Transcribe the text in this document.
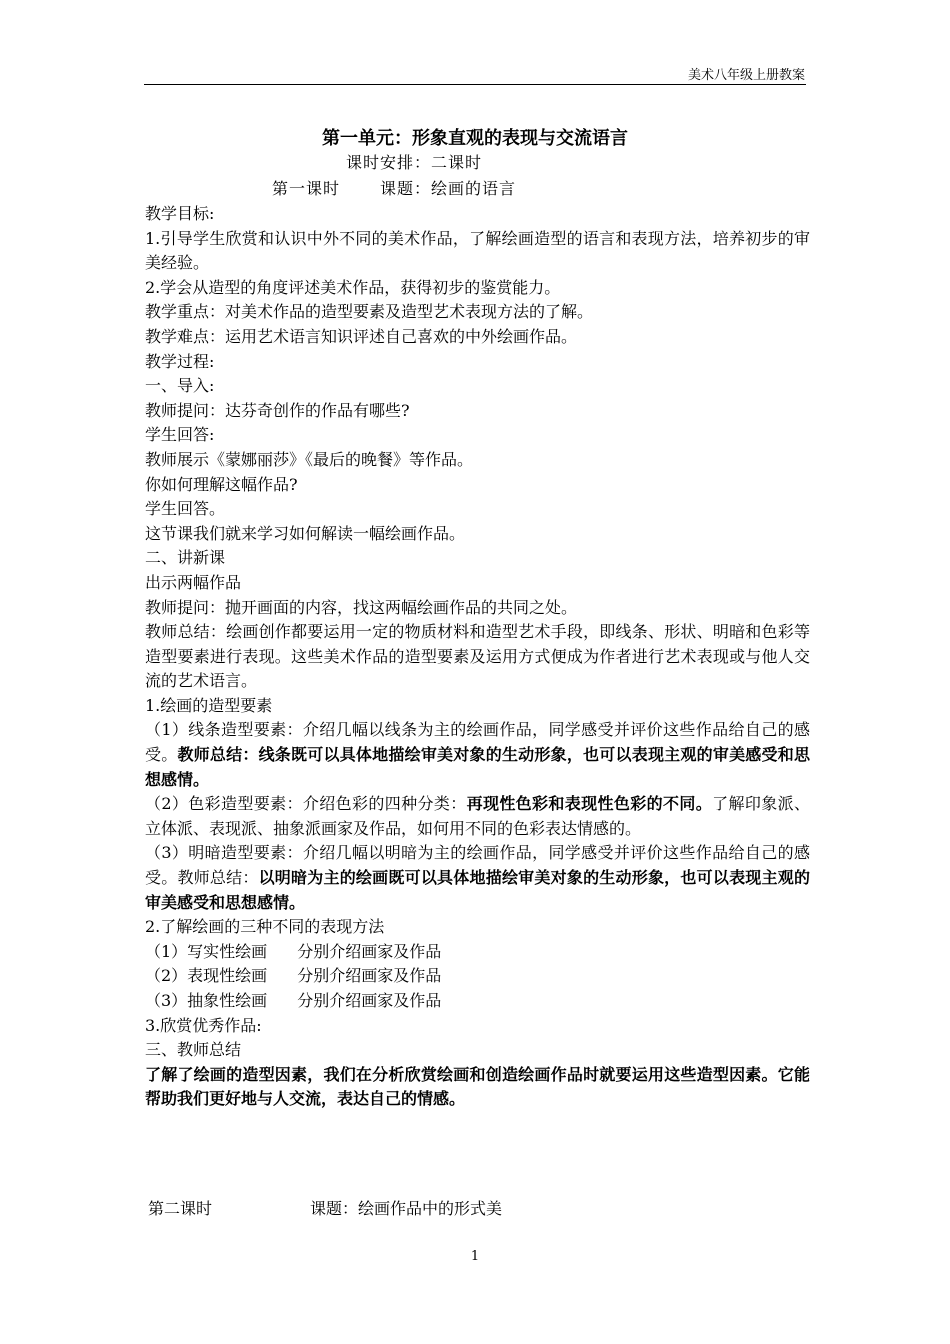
美术八年级上册教案
第一单元：形象直观的表现与交流语言
课时安排：二课时
第一课时	课题：绘画的语言

教学目标:

1.引导学生欣赏和认识中外不同的美术作品，了解绘画造型的语言和表现方法，培养初步的审美经验。

2.学会从造型的角度评述美术作品，获得初步的鉴赏能力。

教学重点：对美术作品的造型要素及造型艺术表现方法的了解。

教学难点：运用艺术语言知识评述自己喜欢的中外绘画作品。

教学过程:

一、导入:

教师提问：达芬奇创作的作品有哪些?

学生回答:

教师展示《蒙娜丽莎》《最后的晚餐》等作品。

你如何理解这幅作品?

学生回答。

这节课我们就来学习如何解读一幅绘画作品。

二、讲新课

出示两幅作品

教师提问：抛开画面的内容，找这两幅绘画作品的共同之处。

教师总结：绘画创作都要运用一定的物质材料和造型艺术手段，即线条、形状、明暗和色彩等造型要素进行表现。这些美术作品的造型要素及运用方式便成为作者进行艺术表现或与他人交流的艺术语言。

1.绘画的造型要素

（1）线条造型要素：介绍几幅以线条为主的绘画作品，同学感受并评价这些作品给自己的感受。教师总结：线条既可以具体地描绘审美对象的生动形象，也可以表现主观的审美感受和思想感情。

（2）色彩造型要素：介绍色彩的四种分类：再现性色彩和表现性色彩的不同。了解印象派、立体派、表现派、抽象派画家及作品，如何用不同的色彩表达情感的。

（3）明暗造型要素：介绍几幅以明暗为主的绘画作品，同学感受并评价这些作品给自己的感受。教师总结：以明暗为主的绘画既可以具体地描绘审美对象的生动形象，也可以表现主观的审美感受和思想感情。

2.了解绘画的三种不同的表现方法

（1）写实性绘画 分别介绍画家及作品

（2）表现性绘画 分别介绍画家及作品

（3）抽象性绘画 分别介绍画家及作品

3.欣赏优秀作品:

三、教师总结

了解了绘画的造型因素，我们在分析欣赏绘画和创造绘画作品时就要运用这些造型因素。它能帮助我们更好地与人交流，表达自己的情感。

第二课时	课题：绘画作品中的形式美
1
